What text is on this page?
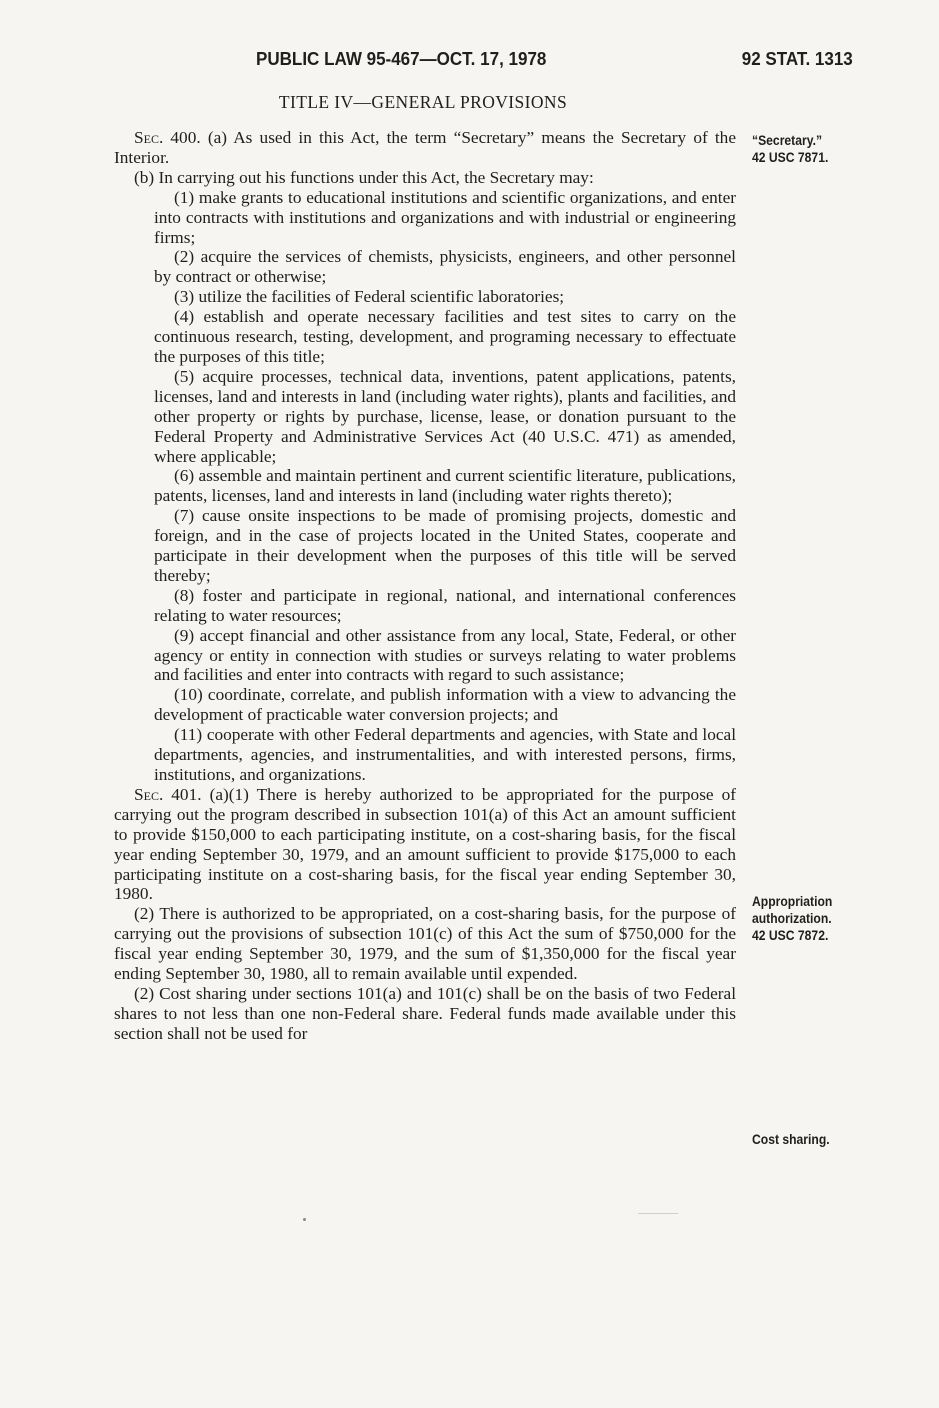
PUBLIC LAW 95-467—OCT. 17, 1978	92 STAT. 1313
TITLE IV—GENERAL PROVISIONS

Sec. 400. (a) As used in this Act, the term “Secretary” means the Secretary of the Interior.

(b) In carrying out his functions under this Act, the Secretary may:

(1) make grants to educational institutions and scientific organizations, and enter into contracts with institutions and organizations and with industrial or engineering firms;

(2) acquire the services of chemists, physicists, engineers, and other personnel by contract or otherwise;

(3) utilize the facilities of Federal scientific laboratories;

(4) establish and operate necessary facilities and test sites to carry on the continuous research, testing, development, and programing necessary to effectuate the purposes of this title;

(5) acquire processes, technical data, inventions, patent applications, patents, licenses, land and interests in land (including water rights), plants and facilities, and other property or rights by purchase, license, lease, or donation pursuant to the Federal Property and Administrative Services Act (40 U.S.C. 471) as amended, where applicable;

(6) assemble and maintain pertinent and current scientific literature, publications, patents, licenses, land and interests in land (including water rights thereto);

(7) cause onsite inspections to be made of promising projects, domestic and foreign, and in the case of projects located in the United States, cooperate and participate in their development when the purposes of this title will be served thereby;

(8) foster and participate in regional, national, and international conferences relating to water resources;

(9) accept financial and other assistance from any local, State, Federal, or other agency or entity in connection with studies or surveys relating to water problems and facilities and enter into contracts with regard to such assistance;

(10) coordinate, correlate, and publish information with a view to advancing the development of practicable water conversion projects; and

(11) cooperate with other Federal departments and agencies, with State and local departments, agencies, and instrumentalities, and with interested persons, firms, institutions, and organizations.

Sec. 401. (a)(1) There is hereby authorized to be appropriated for the purpose of carrying out the program described in subsection 101(a) of this Act an amount sufficient to provide $150,000 to each participating institute, on a cost-sharing basis, for the fiscal year ending September 30, 1979, and an amount sufficient to provide $175,000 to each participating institute on a cost-sharing basis, for the fiscal year ending September 30, 1980.

(2) There is authorized to be appropriated, on a cost-sharing basis, for the purpose of carrying out the provisions of subsection 101(c) of this Act the sum of $750,000 for the fiscal year ending September 30, 1979, and the sum of $1,350,000 for the fiscal year ending September 30, 1980, all to remain available until expended.

(2) Cost sharing under sections 101(a) and 101(c) shall be on the basis of two Federal shares to not less than one non-Federal share. Federal funds made available under this section shall not be used for

“Secretary.”
42 USC 7871.
Appropriation
authorization.
42 USC 7872.
Cost sharing.
